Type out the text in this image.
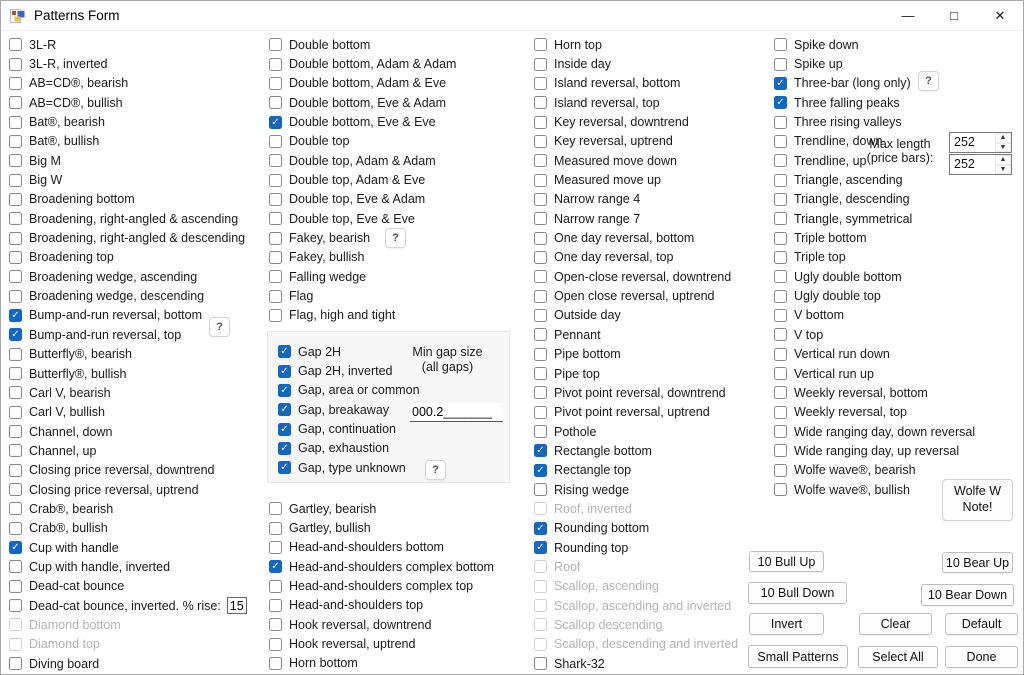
Patterns Form	—	□	✕
3L-R
3L-R, inverted
AB=CD®, bearish
AB=CD®, bullish
Bat®, bearish
Bat®, bullish
Big M
Big W
Broadening bottom
Broadening, right-angled & ascending
Broadening, right-angled & descending
Broadening top
Broadening wedge, ascending
Broadening wedge, descending
✓ Bump-and-run reversal, bottom
✓ Bump-and-run reversal, top
Butterfly®, bearish
Butterfly®, bullish
Carl V, bearish
Carl V, bullish
Channel, down
Channel, up
Closing price reversal, downtrend
Closing price reversal, uptrend
Crab®, bearish
Crab®, bullish
✓ Cup with handle
Cup with handle, inverted
Dead-cat bounce
Dead-cat bounce, inverted. % rise:
15
Diamond bottom
Diamond top
Diving board
?
Double bottom
Double bottom, Adam & Adam
Double bottom, Adam & Eve
Double bottom, Eve & Adam
✓ Double bottom, Eve & Eve
Double top
Double top, Adam & Adam
Double top, Adam & Eve
Double top, Eve & Adam
Double top, Eve & Eve
Fakey, bearish
Fakey, bullish
Falling wedge
Flag
Flag, high and tight
?
✓ Gap 2H
✓ Gap 2H, inverted
✓ Gap, area or common
✓ Gap, breakaway
✓ Gap, continuation
✓ Gap, exhaustion
✓ Gap, type unknown
Min gap size
(all gaps)
000.2_______
?
Gartley, bearish
Gartley, bullish
Head-and-shoulders bottom
✓ Head-and-shoulders complex bottom
Head-and-shoulders complex top
Head-and-shoulders top
Hook reversal, downtrend
Hook reversal, uptrend
Horn bottom
Horn top
Inside day
Island reversal, bottom
Island reversal, top
Key reversal, downtrend
Key reversal, uptrend
Measured move down
Measured move up
Narrow range 4
Narrow range 7
One day reversal, bottom
One day reversal, top
Open-close reversal, downtrend
Open close reversal, uptrend
Outside day
Pennant
Pipe bottom
Pipe top
Pivot point reversal, downtrend
Pivot point reversal, uptrend
Pothole
✓ Rectangle bottom
✓ Rectangle top
Rising wedge
Roof, inverted
✓ Rounding bottom
✓ Rounding top
Roof
Scallop, ascending
Scallop, ascending and inverted
Scallop descending
Scallop, descending and inverted
Shark-32
Spike down
Spike up
✓ Three-bar (long only)
✓ Three falling peaks
Three rising valleys
Trendline, down
Trendline, up
Triangle, ascending
Triangle, descending
Triangle, symmetrical
Triple bottom
Triple top
Ugly double bottom
Ugly double top
V bottom
V top
Vertical run down
Vertical run up
Weekly reversal, bottom
Weekly reversal, top
Wide ranging day, down reversal
Wide ranging day, up reversal
Wolfe wave®, bearish
Wolfe wave®, bullish
?
Max length
(price bars):
252	▲
▼
252	▲
▼
Wolfe W
Note!
10 Bull Up	10 Bear Up
10 Bull Down	10 Bear Down
Invert	Clear	Default
Small Patterns	Select All	Done
